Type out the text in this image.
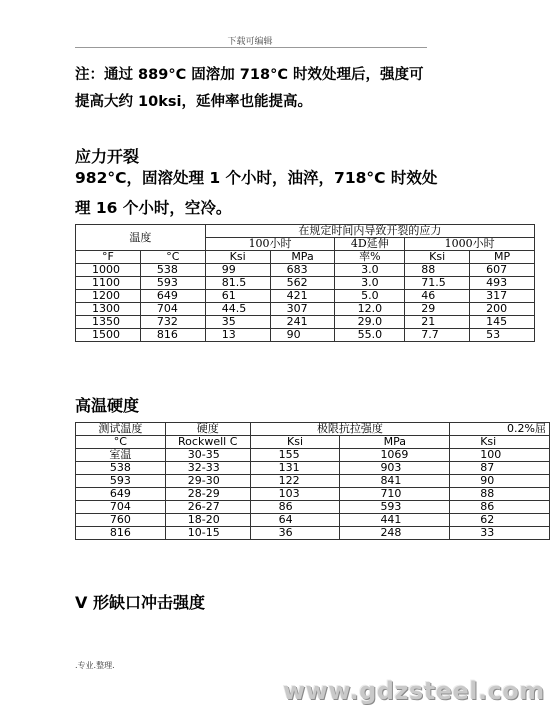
下载可编辑
注：通过 889°C 固溶加 718°C 时效处理后，强度可
提高大约 10ksi，延伸率也能提高。
应力开裂
982°C，固溶处理 1 个小时，油淬，718°C 时效处
理 16 个小时，空冷。
温度		在规定时间内导致开裂的应力				
		100小时		4D延伸	1000小时	
°F	°C	Ksi	MPa	率%	Ksi	MP
1000	538	99	683	3.0	88	607
1100	593	81.5	562	3.0	71.5	493
1200	649	61	421	5.0	46	317
1300	704	44.5	307	12.0	29	200
1350	732	35	241	29.0	21	145
1500	816	13	90	55.0	7.7	53
高温硬度
测试温度	硬度	极限抗拉强度		0.2%屈
°C	Rockwell C	Ksi	MPa	Ksi
室温	30-35	155	1069	100
538	32-33	131	903	87
593	29-30	122	841	90
649	28-29	103	710	88
704	26-27	86	593	86
760	18-20	64	441	62
816	10-15	36	248	33
V 形缺口冲击强度
.专业.整理.
www.gdzsteel.com
